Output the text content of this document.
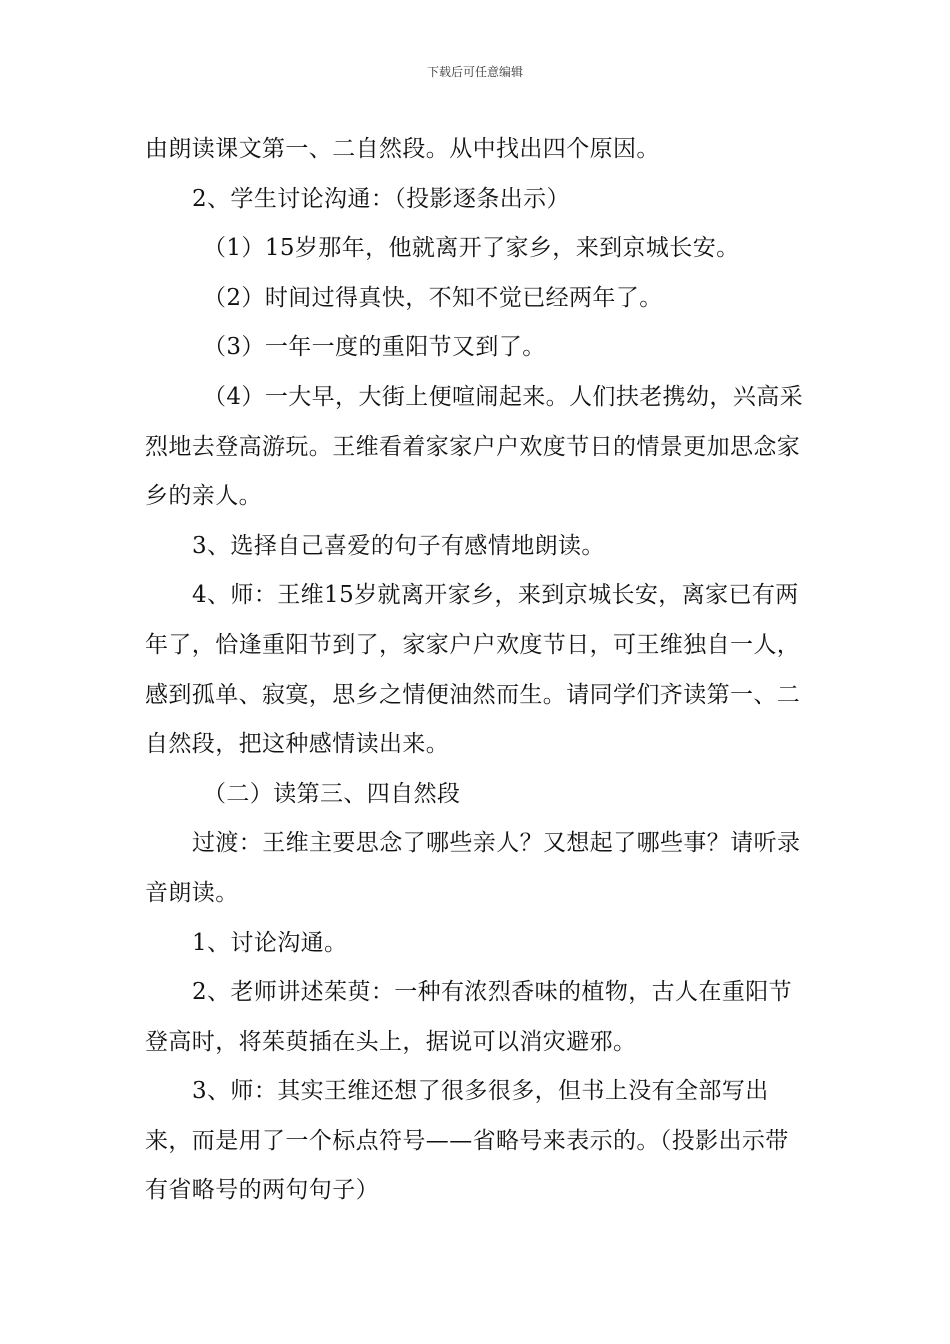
下载后可任意编辑

由朗读课文第一、二自然段。从中找出四个原因。

2、学生讨论沟通：（投影逐条出示）

（1）15岁那年，他就离开了家乡，来到京城长安。

（2）时间过得真快，不知不觉已经两年了。

（3）一年一度的重阳节又到了。

（4）一大早，大街上便喧闹起来。人们扶老携幼，兴高采烈地去登高游玩。王维看着家家户户欢度节日的情景更加思念家乡的亲人。

3、选择自己喜爱的句子有感情地朗读。

4、师：王维15岁就离开家乡，来到京城长安，离家已有两年了，恰逢重阳节到了，家家户户欢度节日，可王维独自一人，感到孤单、寂寞，思乡之情便油然而生。请同学们齐读第一、二自然段，把这种感情读出来。

（二）读第三、四自然段

过渡：王维主要思念了哪些亲人？又想起了哪些事？请听录音朗读。

1、讨论沟通。

2、老师讲述茱萸：一种有浓烈香味的植物，古人在重阳节登高时，将茱萸插在头上，据说可以消灾避邪。

3、师：其实王维还想了很多很多，但书上没有全部写出来，而是用了一个标点符号——省略号来表示的。（投影出示带有省略号的两句句子）
